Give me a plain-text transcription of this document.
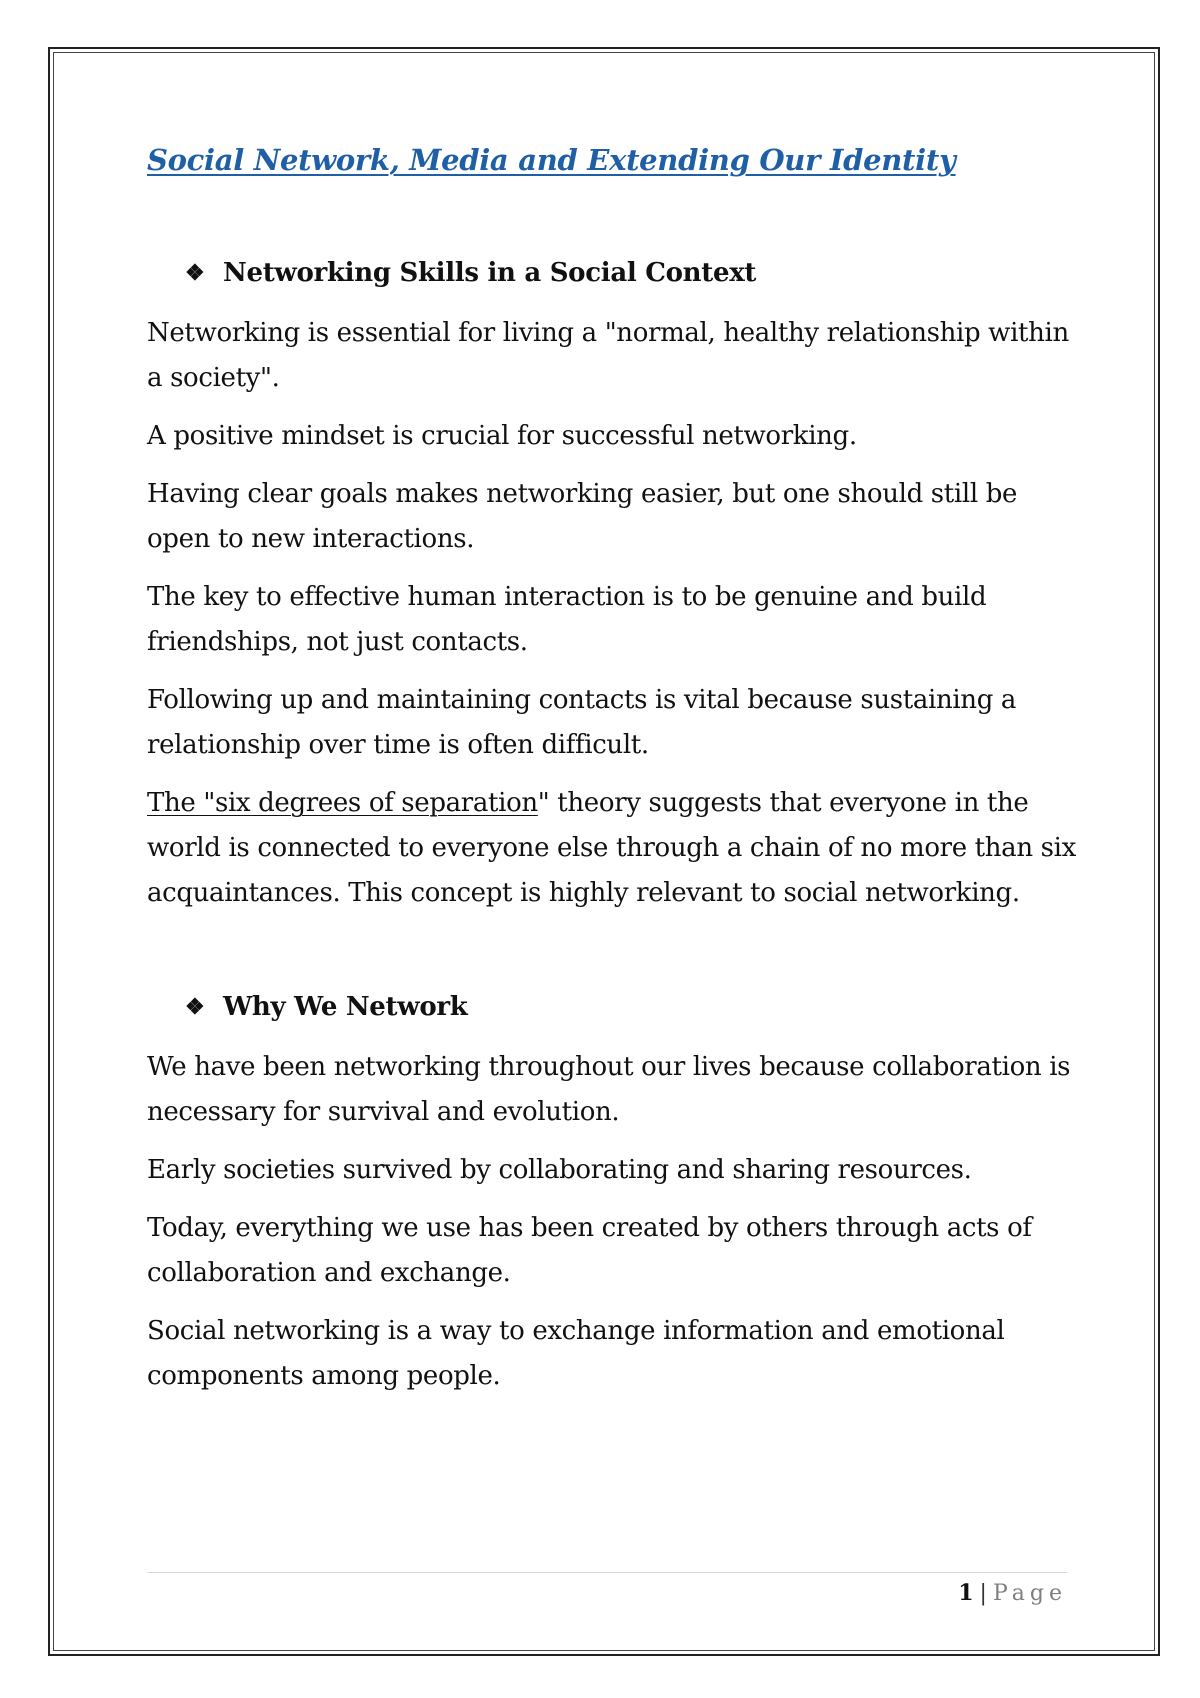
Social Network, Media and Extending Our Identity
❖ Networking Skills in a Social Context

Networking is essential for living a "normal, healthy relationship within a society".

A positive mindset is crucial for successful networking.

Having clear goals makes networking easier, but one should still be open to new interactions.

The key to effective human interaction is to be genuine and build friendships, not just contacts.

Following up and maintaining contacts is vital because sustaining a relationship over time is often difficult.

The "six degrees of separation" theory suggests that everyone in the world is connected to everyone else through a chain of no more than six acquaintances. This concept is highly relevant to social networking.

❖ Why We Network

We have been networking throughout our lives because collaboration is necessary for survival and evolution.

Early societies survived by collaborating and sharing resources.

Today, everything we use has been created by others through acts of collaboration and exchange.

Social networking is a way to exchange information and emotional components among people.

1 | Page
